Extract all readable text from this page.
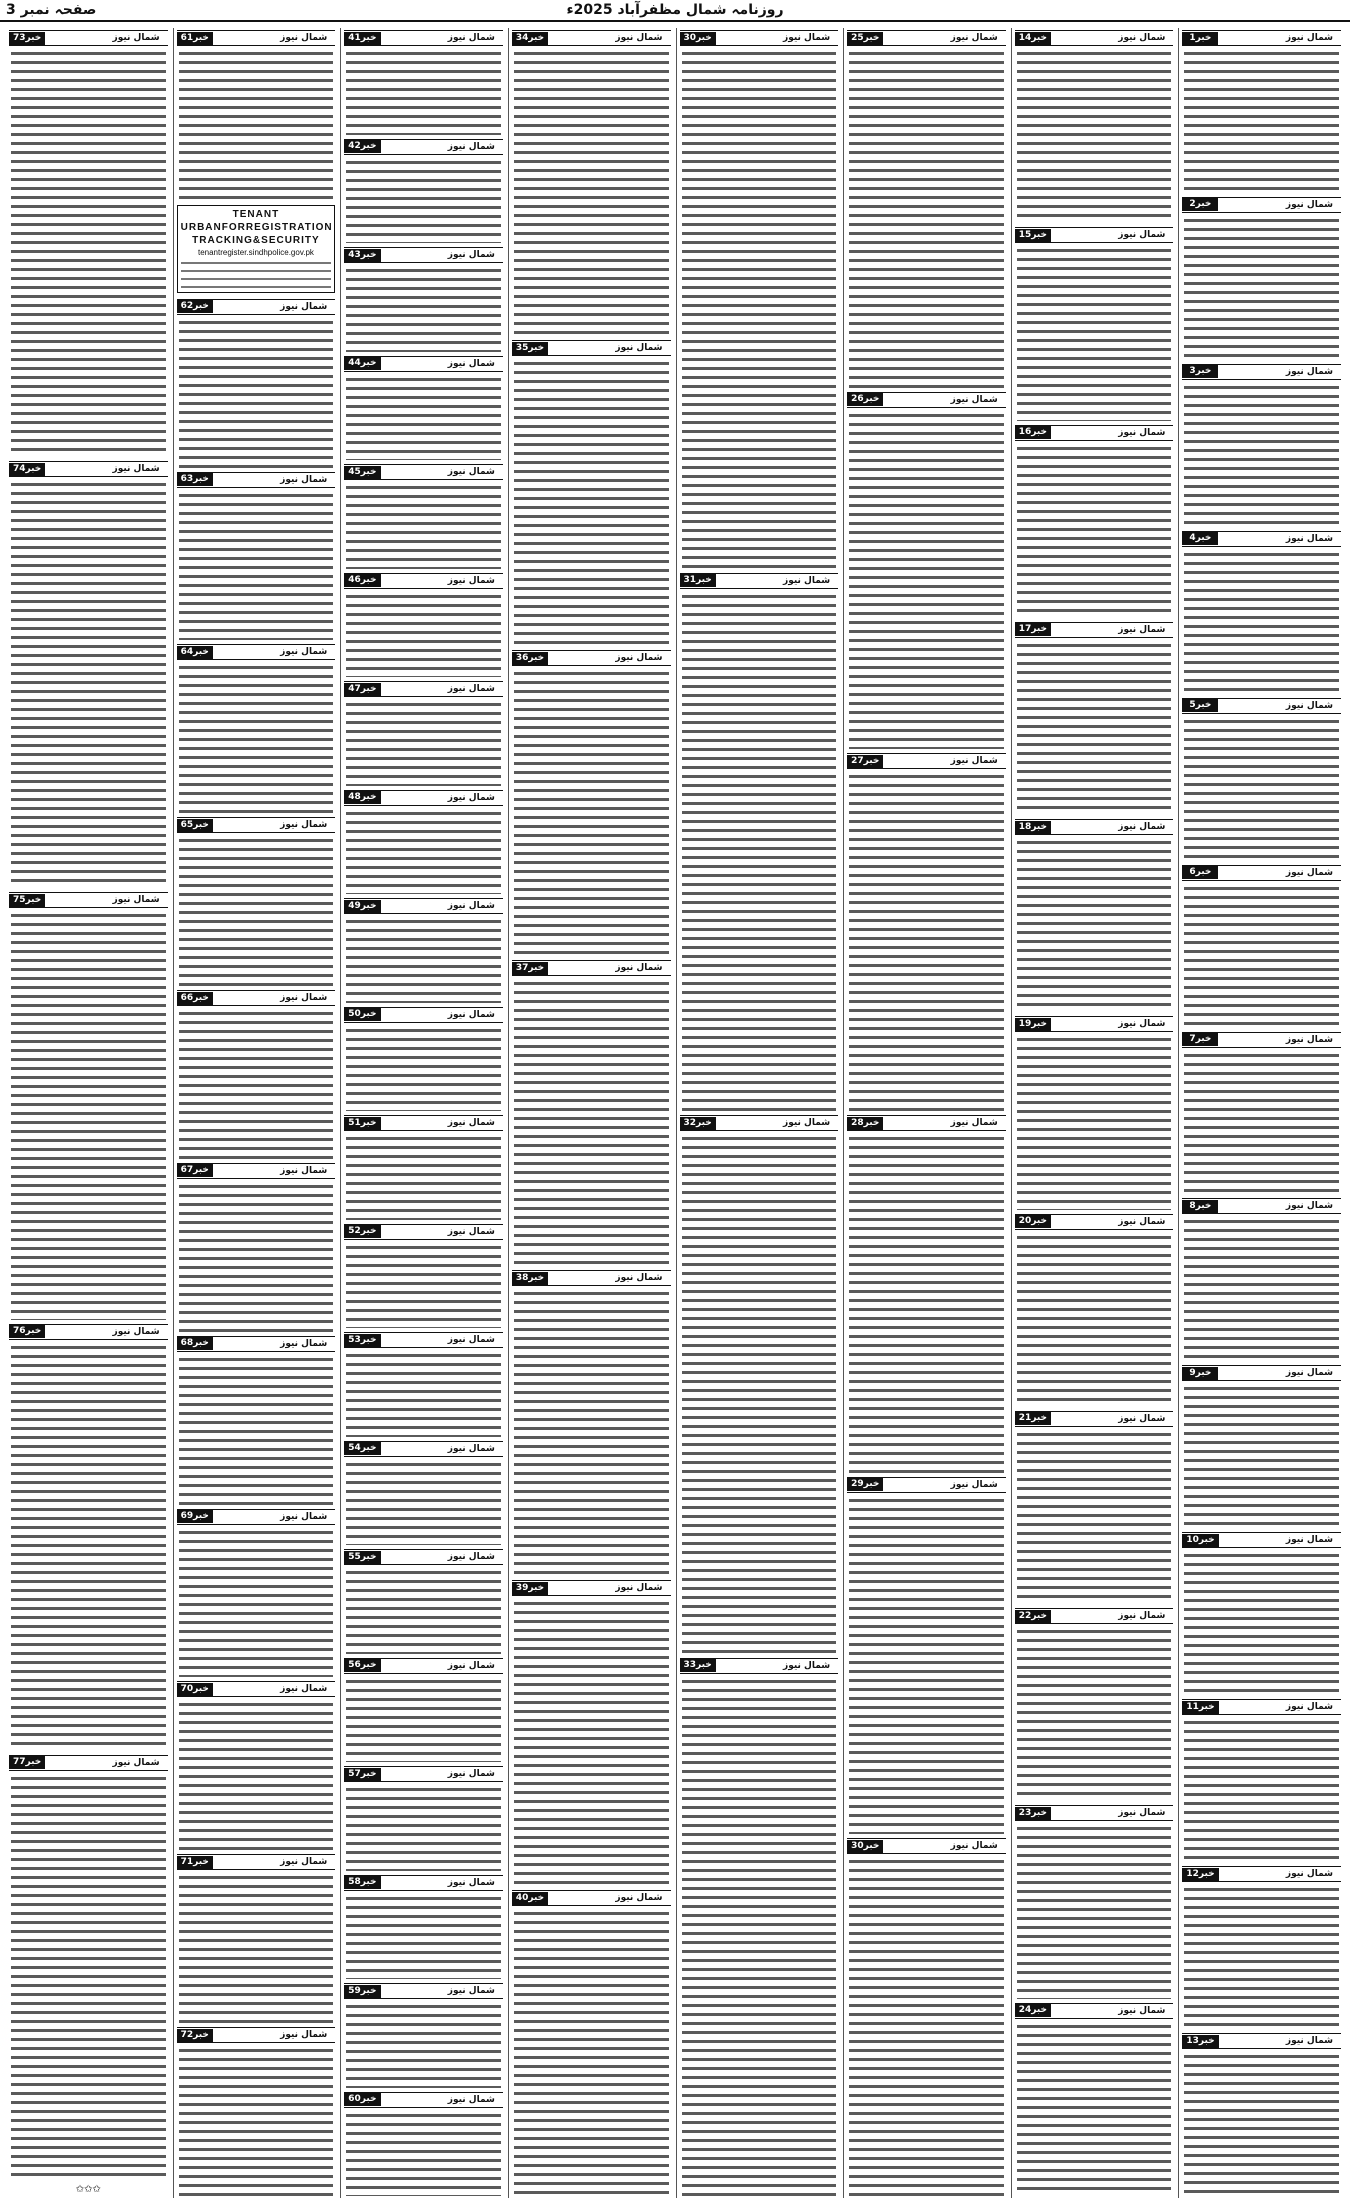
صفحہ نمبر 3	روزنامہ شمال مظفرآباد 2025ء
خبر1	شمال نیوز
خبر2	شمال نیوز
خبر3	شمال نیوز
خبر4	شمال نیوز
خبر5	شمال نیوز
خبر6	شمال نیوز
خبر7	شمال نیوز
خبر8	شمال نیوز
خبر9	شمال نیوز
خبر10	شمال نیوز
خبر11	شمال نیوز
خبر12	شمال نیوز
خبر13	شمال نیوز
خبر14	شمال نیوز
خبر15	شمال نیوز
خبر16	شمال نیوز
خبر17	شمال نیوز
خبر18	شمال نیوز
خبر19	شمال نیوز
خبر20	شمال نیوز
خبر21	شمال نیوز
خبر22	شمال نیوز
خبر23	شمال نیوز
خبر24	شمال نیوز
خبر25	شمال نیوز
خبر26	شمال نیوز
خبر27	شمال نیوز
خبر28	شمال نیوز
خبر29	شمال نیوز
خبر30	شمال نیوز
خبر30	شمال نیوز
خبر31	شمال نیوز
خبر32	شمال نیوز
خبر33	شمال نیوز
خبر34	شمال نیوز
خبر35	شمال نیوز
خبر36	شمال نیوز
خبر37	شمال نیوز
خبر38	شمال نیوز
خبر39	شمال نیوز
خبر40	شمال نیوز
خبر41	شمال نیوز
خبر42	شمال نیوز
خبر43	شمال نیوز
خبر44	شمال نیوز
خبر45	شمال نیوز
خبر46	شمال نیوز
خبر47	شمال نیوز
خبر48	شمال نیوز
خبر49	شمال نیوز
خبر50	شمال نیوز
خبر51	شمال نیوز
خبر52	شمال نیوز
خبر53	شمال نیوز
خبر54	شمال نیوز
خبر55	شمال نیوز
خبر56	شمال نیوز
خبر57	شمال نیوز
خبر58	شمال نیوز
خبر59	شمال نیوز
خبر60	شمال نیوز
خبر61	شمال نیوز
TENANT
URBANFORREGISTRATION
TRACKING&SECURITY
tenantregister.sindhpolice.gov.pk
خبر62	شمال نیوز
خبر63	شمال نیوز
خبر64	شمال نیوز
خبر65	شمال نیوز
خبر66	شمال نیوز
خبر67	شمال نیوز
خبر68	شمال نیوز
خبر69	شمال نیوز
خبر70	شمال نیوز
خبر71	شمال نیوز
خبر72	شمال نیوز
خبر73	شمال نیوز
خبر74	شمال نیوز
خبر75	شمال نیوز
خبر76	شمال نیوز
خبر77	شمال نیوز
✩✩✩
